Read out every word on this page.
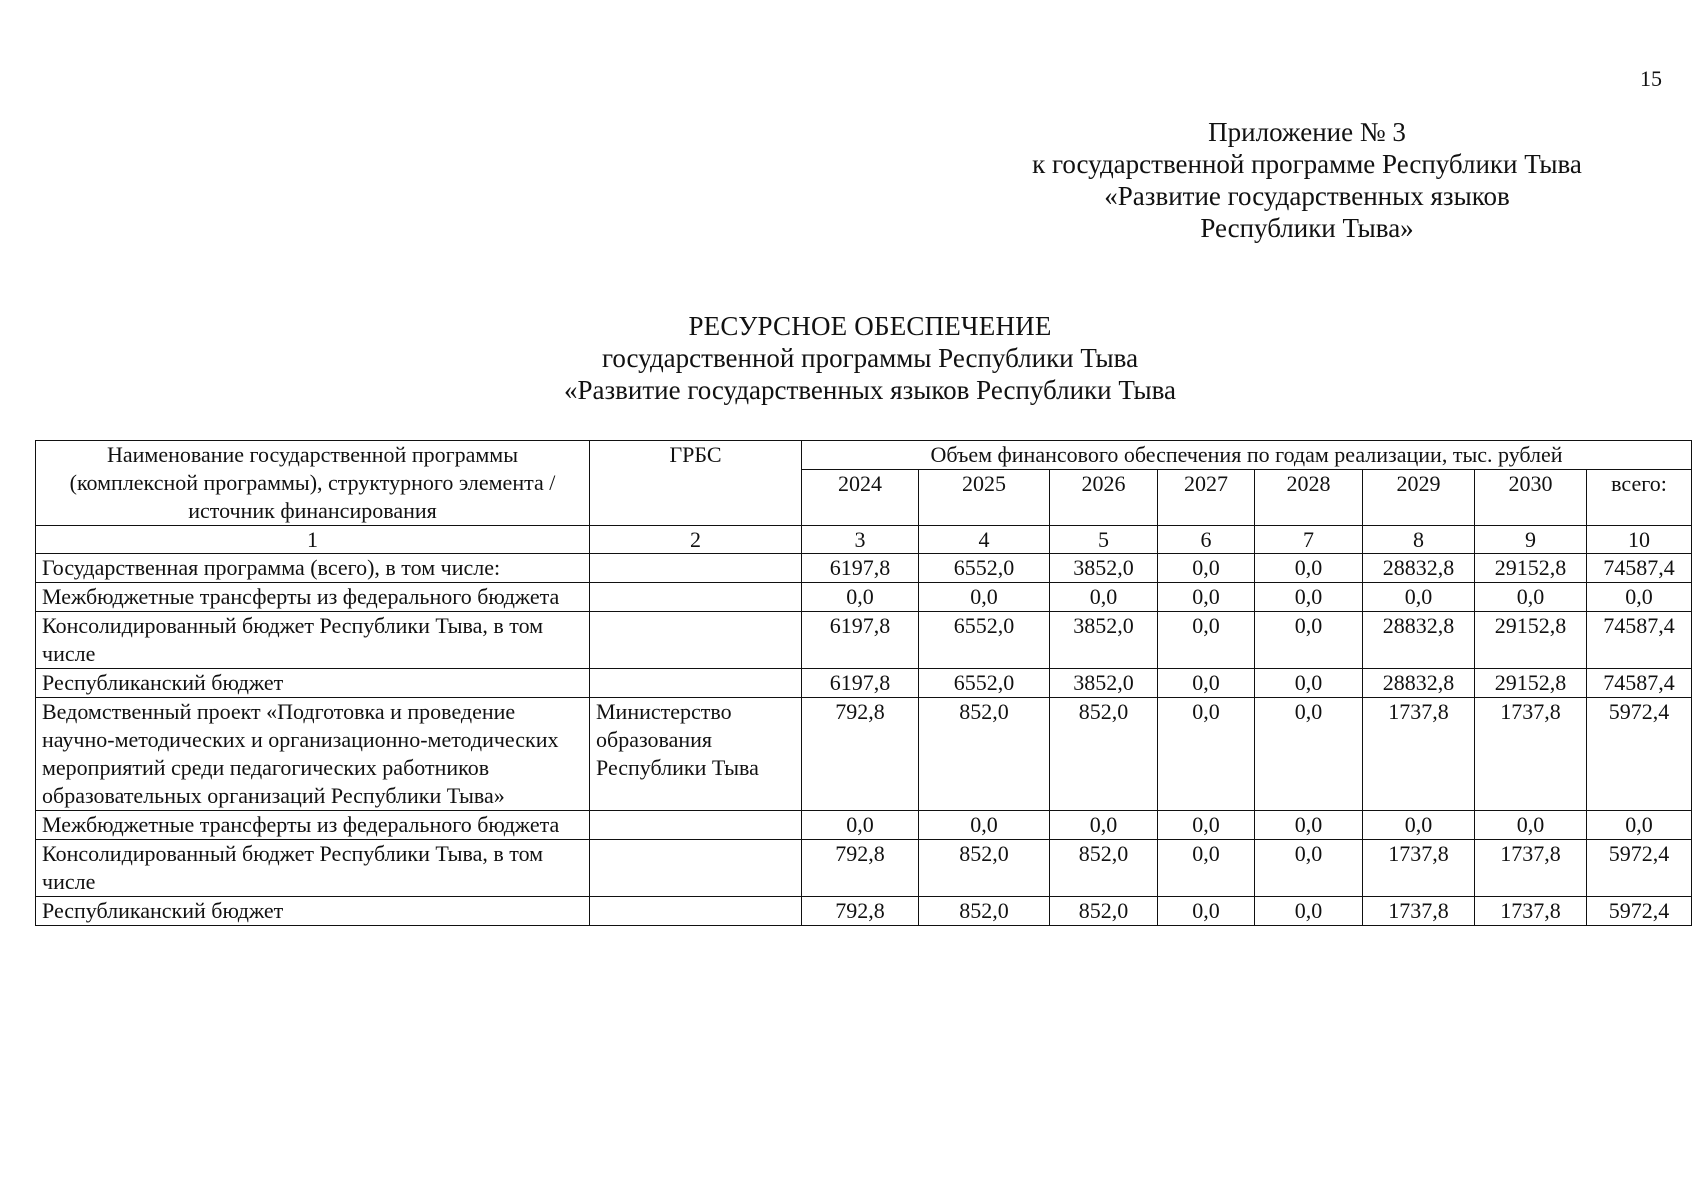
15
Приложение № 3
к государственной программе Республики Тыва
«Развитие государственных языков
Республики Тыва»
РЕСУРСНОЕ ОБЕСПЕЧЕНИЕ
государственной программы Республики Тыва
«Развитие государственных языков Республики Тыва
Наименование государственной программы (комплексной программы), структурного элемента / источник финансирования	ГРБС	Объем финансового обеспечения по годам реализации, тыс. рублей							
		2024	2025	2026	2027	2028	2029	2030	всего:
1	2	3	4	5	6	7	8	9	10
Государственная программа (всего), в том числе:		6197,8	6552,0	3852,0	0,0	0,0	28832,8	29152,8	74587,4
Межбюджетные трансферты из федерального бюджета		0,0	0,0	0,0	0,0	0,0	0,0	0,0	0,0
Консолидированный бюджет Республики Тыва, в том числе		6197,8	6552,0	3852,0	0,0	0,0	28832,8	29152,8	74587,4
Республиканский бюджет		6197,8	6552,0	3852,0	0,0	0,0	28832,8	29152,8	74587,4
Ведомственный проект «Подготовка и проведение научно-методических и организационно-методических мероприятий среди педагогических работников образовательных организаций Республики Тыва»	Министерство образования Республики Тыва	792,8	852,0	852,0	0,0	0,0	1737,8	1737,8	5972,4
Межбюджетные трансферты из федерального бюджета		0,0	0,0	0,0	0,0	0,0	0,0	0,0	0,0
Консолидированный бюджет Республики Тыва, в том числе		792,8	852,0	852,0	0,0	0,0	1737,8	1737,8	5972,4
Республиканский бюджет		792,8	852,0	852,0	0,0	0,0	1737,8	1737,8	5972,4
